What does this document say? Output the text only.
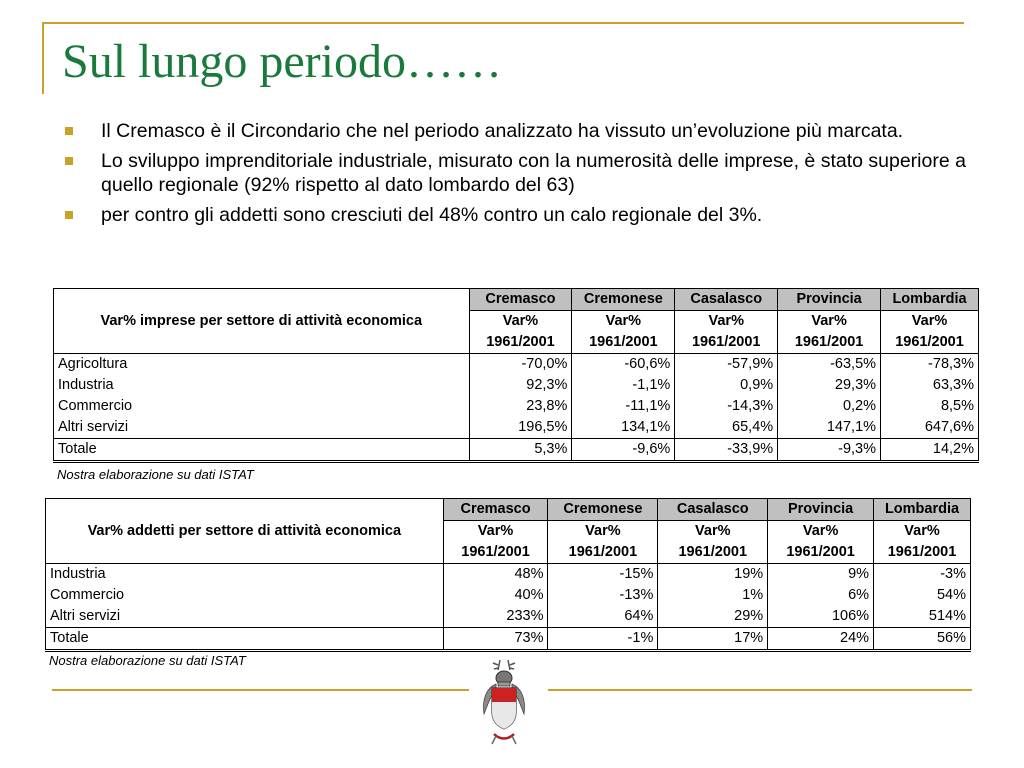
Sul lungo periodo……
Il Cremasco è il Circondario che nel periodo analizzato ha vissuto un’evoluzione più marcata.
Lo sviluppo imprenditoriale industriale, misurato con la numerosità delle imprese, è stato superiore a quello regionale (92% rispetto al dato lombardo del 63)
per contro gli addetti sono cresciuti del 48% contro un calo regionale del 3%.
Var% imprese per settore di attività economica	Cremasco	Cremonese	Casalasco	Provincia	Lombardia
	Var%	Var%	Var%	Var%	Var%
	1961/2001	1961/2001	1961/2001	1961/2001	1961/2001
Agricoltura	-70,0%	-60,6%	-57,9%	-63,5%	-78,3%
Industria	92,3%	-1,1%	0,9%	29,3%	63,3%
Commercio	23,8%	-11,1%	-14,3%	0,2%	8,5%
Altri servizi	196,5%	134,1%	65,4%	147,1%	647,6%
Totale	5,3%	-9,6%	-33,9%	-9,3%	14,2%
Nostra elaborazione su dati ISTAT
Var% addetti per settore di attività economica	Cremasco	Cremonese	Casalasco	Provincia	Lombardia
	Var%	Var%	Var%	Var%	Var%
	1961/2001	1961/2001	1961/2001	1961/2001	1961/2001
Industria	48%	-15%	19%	9%	-3%
Commercio	40%	-13%	1%	6%	54%
Altri servizi	233%	64%	29%	106%	514%
Totale	73%	-1%	17%	24%	56%
Nostra elaborazione su dati ISTAT
